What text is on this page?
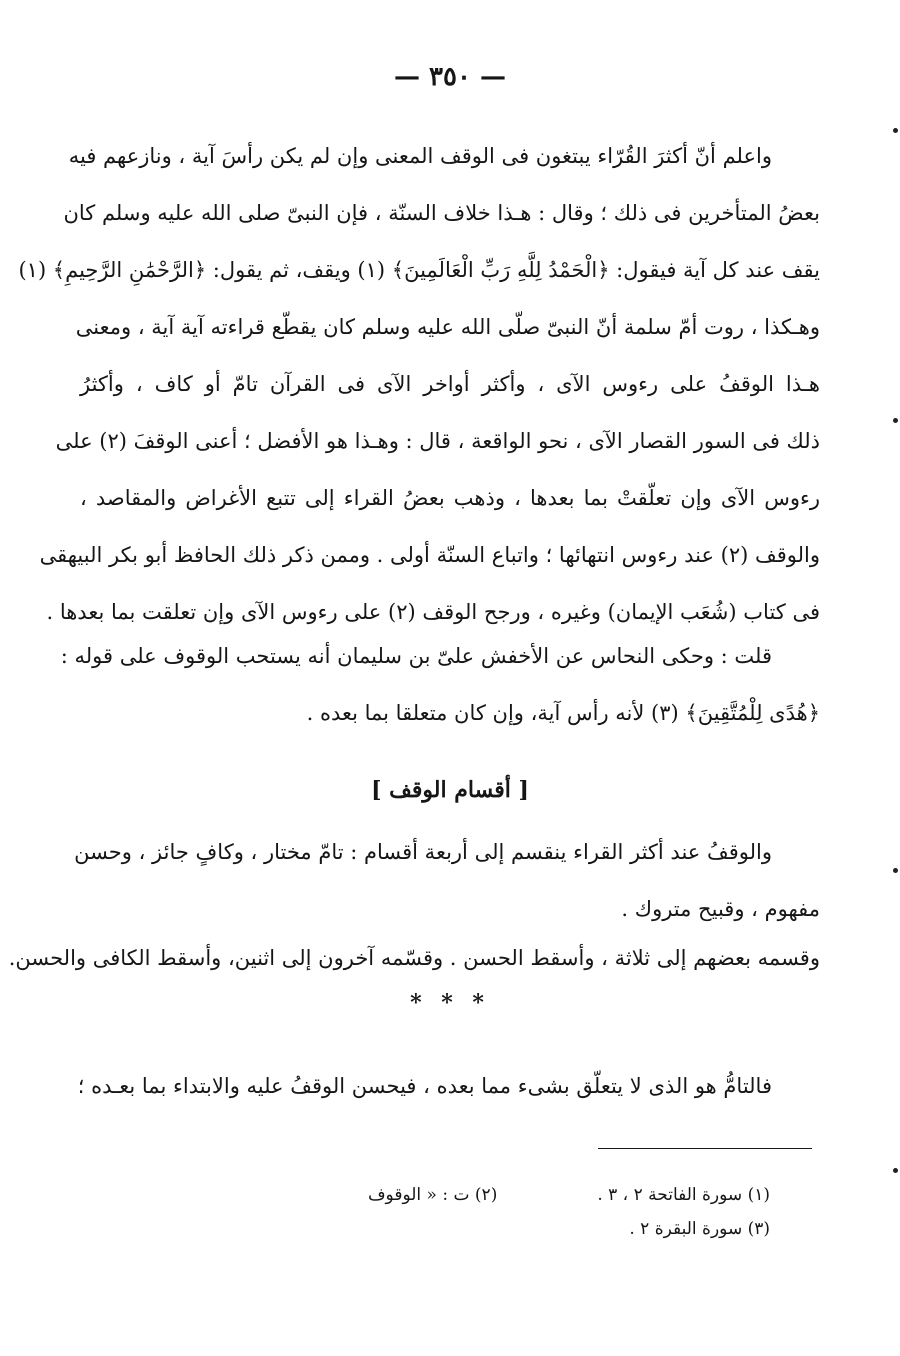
— ٣٥٠ —
واعلم أنّ أكثرَ القُرّاء يبتغون فى الوقف المعنى وإن لم يكن رأسَ آية ، ونازعهم فيه
بعضُ المتأخرين فى ذلك ؛ وقال : هـذا خلاف السنّة ، فإن النبىّ صلى الله عليه وسلم كان
يقف عند كل آية فيقول: ﴿الْحَمْدُ لِلَّهِ رَبِّ الْعَالَمِينَ﴾ (١) ويقف، ثم يقول: ﴿الرَّحْمَٰنِ الرَّحِيمِ﴾ (١)
وهـكذا ، روت أمّ سلمة أنّ النبىّ صلّى الله عليه وسلم كان يقطّع قراءته آية آية ، ومعنى
هـذا الوقفُ على رءوس الآى ، وأكثر أواخر الآى فى القرآن تامّ أو كاف ، وأكثرُ
ذلك فى السور القصار الآى ، نحو الواقعة ، قال : وهـذا هو الأفضل ؛ أعنى الوقفَ (٢) على
رءوس الآى وإن تعلّقتْ بما بعدها ، وذهب بعضُ القراء إلى تتبع الأغراض والمقاصد ،
والوقف (٢) عند رءوس انتهائها ؛ واتباع السنّة أولى . وممن ذكر ذلك الحافظ أبو بكر البيهقى
فى كتاب (شُعَب الإيمان) وغيره ، ورجح الوقف (٢) على رءوس الآى وإن تعلقت بما بعدها .
قلت : وحكى النحاس عن الأخفش علىّ بن سليمان أنه يستحب الوقوف على قوله :
﴿هُدًى لِلْمُتَّقِينَ﴾ (٣) لأنه رأس آية، وإن كان متعلقا بما بعده .
[ أقسام الوقف ]
والوقفُ عند أكثر القراء ينقسم إلى أربعة أقسام : تامّ مختار ، وكافٍ جائز ، وحسن
مفهوم ، وقبيح متروك .
وقسمه بعضهم إلى ثلاثة ، وأسقط الحسن . وقسّمه آخرون إلى اثنين، وأسقط الكافى والحسن.
* * *
فالتامُّ هو الذى لا يتعلّق بشىء مما بعده ، فيحسن الوقفُ عليه والابتداء بما بعـده ؛
(١) سورة الفاتحة ٢ ، ٣ .
(٢) ت : « الوقوف
(٣) سورة البقرة ٢ .
